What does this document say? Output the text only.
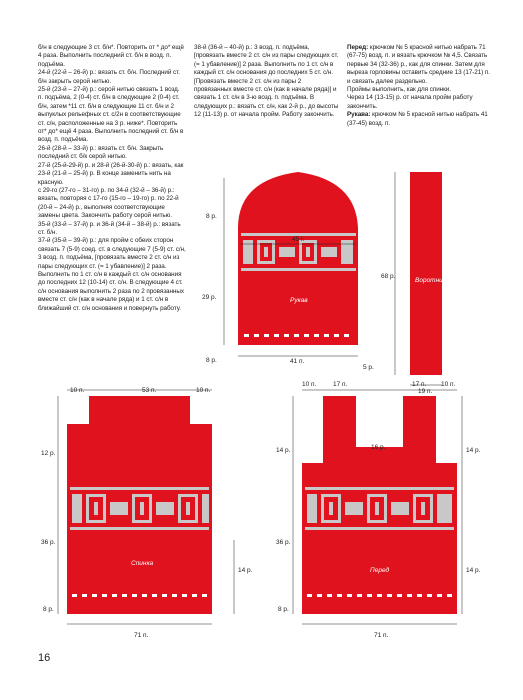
б/н в следующие 3 ст. б/н*. Повторить от * до* ещё 4 раза. Выполнить последний ст. б/н в возд. п. подъёма.
24-й (22-й – 26-й) р.: вязать ст. б/н. Последний ст. б/н закрыть серой нитью.
25-й (23-й – 27-й) р.: серой нитью связать 1 возд. п. подъёма, 2 (0-4) ст. б/н в следующие 2 (0-4) ст. б/н, затем *11 ст. б/н в следующие 11 ст. б/н и 2 выпуклых рельефных ст. с/2н в соответствующие ст. с/н, расположенные на 3 р. ниже*. Повторить от* до* ещё 4 раза. Выполнить последний ст. б/н в возд. п. подъёма.
26-й (28-й – 33-й) р.: вязать ст. б/н. Закрыть последний ст. б/к серой нитью.
27-й (25-й-29-й) р. и 28-й (26-й-30-й) р.: вязать, как 23-й (21-й – 25-й) р. В конце заменить нить на красную.
с 29-го (27-го – 31-го) р. по 34-й (32-й – 36-й) р.: вязать, повторяя с 17-го (15-го – 19-го) р. по 22-й (20-й – 24-й) р., выполняя соответствующие замены цвета. Закончить работу серой нитью.
35-й (33-й – 37-й) р. и 36-й (34-й – 38-й) р.: вязать ст. б/н.
37-й (35-й – 39-й) р.: для пройм с обеих сторон связать 7 (5-9) соед. ст. в следующие 7 (5-9) ст. с/н, 3 возд. п. подъёма, [провязать вместе 2 ст. с/н из пары следующих ст. (= 1 убавление)] 2 раза. Выполнить по 1 ст. с/н в каждый ст. с/н основания до последних 12 (10-14) ст. с/н. В следующие 4 ст. с/н основания выполнить 2 раза по 2 провязанных вместе ст. с/н (как в начале ряда) и 1 ст. с/н в ближайший ст. с/н основания и повернуть работу.

38-й (36-й – 40-й) р.: 3 возд. п. подъёма, [провязать вместе 2 ст. с/н из пары следующих ст. (= 1 убавление)] 2 раза. Выполнить по 1 ст. с/н в каждый ст. с/н основания до последних 5 ст. с/н. [Провязать вместе 2 ст. с/н из пары 2 провязанных вместе ст. с/н (как в начале ряда)] и связать 1 ст. с/н в 3-ю возд. п. подъёма. В следующих р.: вязать ст. с/н, как 2-й р., до высоты 12 (11-13) р. от начала пройм. Работу закончить.

Перед: крючком № 5 красной нитью набрать 71 (67-75) возд. п. и вязать крючком № 4,5. Связать первые 34 (32-36) р., как для спинки. Затем для выреза горловины оставить средние 13 (17-21) п. и связать далее раздельно.
Проймы выполнить, как для спинки.
Через 14 (13-15) р. от начала пройм работу закончить.

Рукава: крючком № 5 красной нитью набрать 41 (37-45) возд. п.

45 г.
Рукав
41 п.
8 р.
29 р.
8 р.
5 р.
68 р.
Воротник
19 п.
10 п.	53 п.	10 п.
12 р.
36 р.
8 р.
14 р.
Спинка
71 п.
10 п.	17 п.	17 п. 10 п.
16 р.
14 р.
36 р.
8 р.
14 р.
14 р.
Перед
71 п.
16
